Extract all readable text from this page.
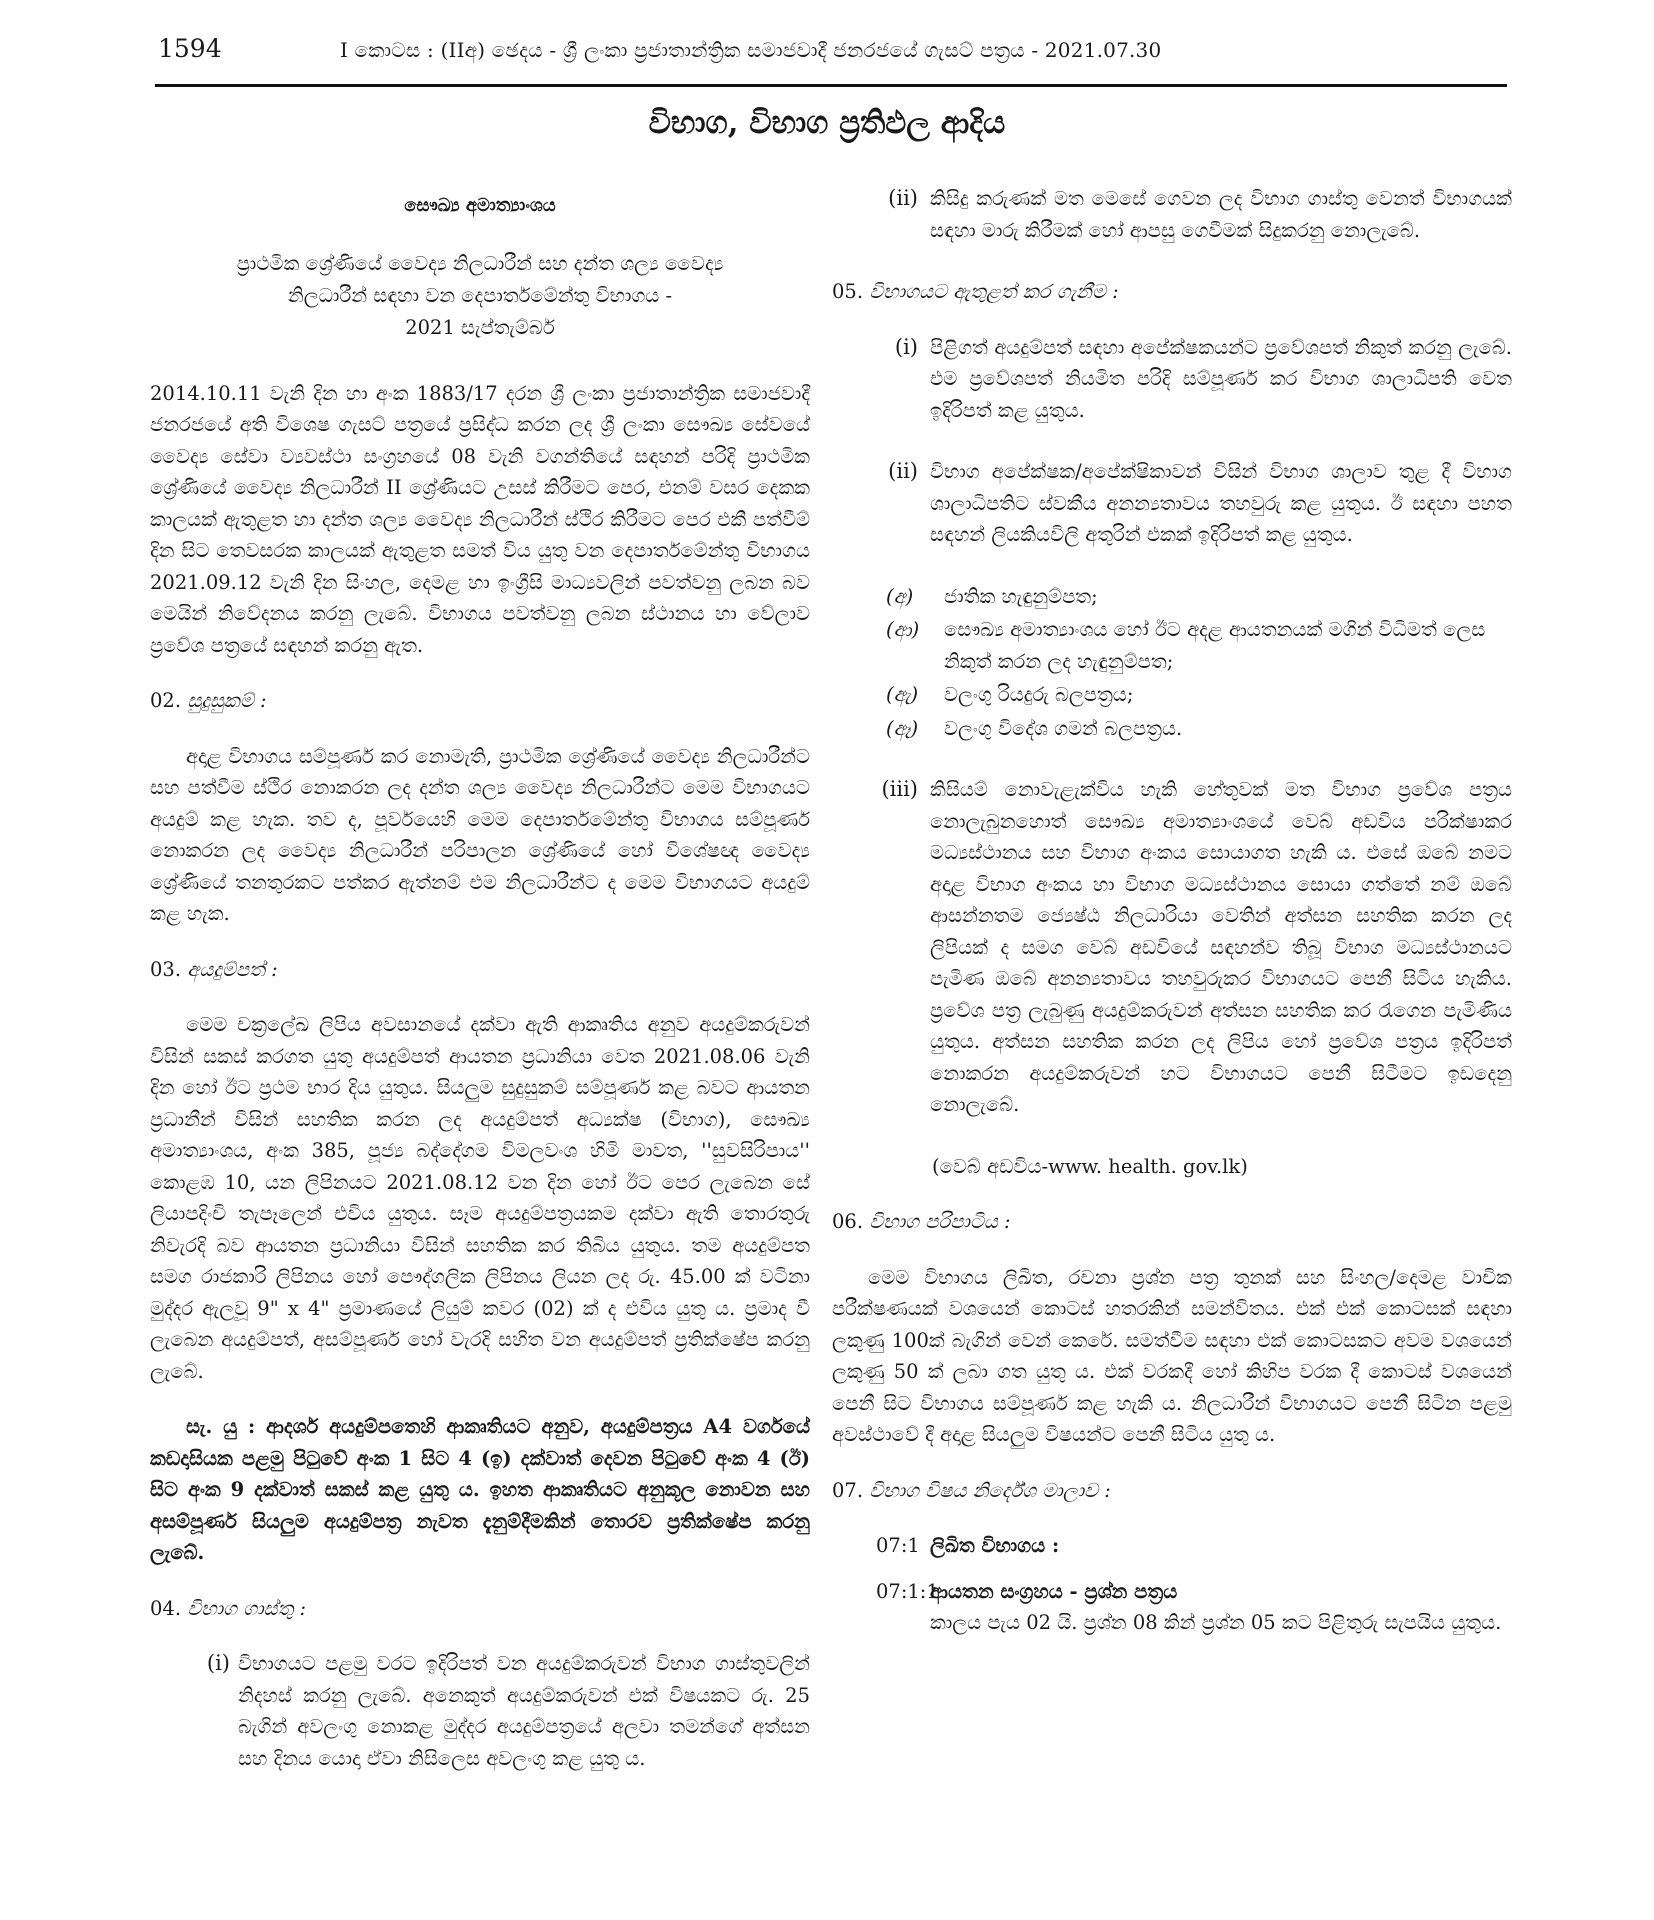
1594	I කොටස : (IIඅ) ඡෙදය - ශ්‍රී ලංකා ප්‍රජාතාන්ත්‍රික සමාජවාදී ජනරජයේ ගැසට් පත්‍රය - 2021.07.30
විභාග, විභාග ප්‍රතිඵල ආදිය

සෞඛ්‍ය අමාත්‍යාංශය

ප්‍රාථමික ශ්‍රේණියේ වෛද්‍ය නිලධාරීන් සහ දන්ත ශල්‍ය වෛද්‍ය
නිලධාරීන් සඳහා වන දෙපාර්තමේන්තු විභාගය -
2021 සැප්තැම්බර්

2014.10.11 වැනි දින හා අංක 1883/17 දරන ශ්‍රී ලංකා ප්‍රජාතාන්ත්‍රික සමාජවාදී ජනරජයේ අති විශෙෂ ගැසට් පත්‍රයේ ප්‍රසිද්ධ කරන ලද ශ්‍රී ලංකා සෞඛ්‍ය සේවයේ වෛද්‍ය සේවා ව්‍යවස්ථා සංග්‍රහයේ 08 වැනි වගන්තියේ සඳහන් පරිදි ප්‍රාථමික ශ්‍රේණියේ වෛද්‍ය නිලධාරීන් II ශ්‍රේණියට උසස් කිරීමට පෙර, එනම් වසර දෙකක කාලයක් ඇතුළත හා දන්ත ශල්‍ය වෛද්‍ය නිලධාරීන් ස්ථිර කිරීමට පෙර එකී පත්වීම් දින සිට තෙවසරක කාලයක් ඇතුළත සමත් විය යුතු වන දෙපාර්තමේන්තු විභාගය 2021.09.12 වැනි දින සිංහල, දෙමළ හා ඉංග්‍රීසි මාධ්‍යවලින් පවත්වනු ලබන බව මෙයින් නිවේදනය කරනු ලැබේ. විභාගය පවත්වනු ලබන ස්ථානය හා වේලාව ප්‍රවේශ පත්‍රයේ සඳහන් කරනු ඇත.

02. සුදුසුකම් :

අදාළ විභාගය සම්පූර්ණ කර නොමැති, ප්‍රාථමික ශ්‍රේණියේ වෛද්‍ය නිලධාරීන්ට සහ පත්වීම ස්ථිර නොකරන ලද දන්ත ශල්‍ය වෛද්‍ය නිලධාරීන්ට මෙම විභාගයට අයදුම් කළ හැක. තව ද, පූර්වයෙහි මෙම දෙපාර්තමේන්තු විභාගය සම්පූර්ණ නොකරන ලද වෛද්‍ය නිලධාරීන් පරිපාලන ශ්‍රේණියේ හෝ විශේෂඥ වෛද්‍ය ශ්‍රේණියේ තනතුරකට පත්කර ඇත්නම් එම නිලධාරීන්ට ද මෙම විභාගයට අයදුම් කළ හැක.

03. අයදුම්පත් :

මෙම චක්‍රලේඛ ලිපිය අවසානයේ දක්වා ඇති ආකෘතිය අනුව අයදුම්කරුවන් විසින් සකස් කරගත යුතු අයදුම්පත් ආයතන ප්‍රධානියා වෙත 2021.08.06 වැනි දින හෝ ඊට ප්‍රථම භාර දිය යුතුය. සියලුම සුදුසුකම් සම්පූර්ණ කළ බවට ආයතන ප්‍රධානීන් විසින් සහතික කරන ලද අයදුම්පත් අධ්‍යක්ෂ (විභාග), සෞඛ්‍ය අමාත්‍යාංශය, අංක 385, පූජ්‍ය බද්දේගම විමලවංශ හිමි මාවත, ''සුවසිරිපාය'' කොළඹ 10, යන ලිපිනයට 2021.08.12 වන දින හෝ ඊට පෙර ලැබෙන සේ ලියාපදිංචි තැපෑලෙන් එවිය යුතුය. සෑම අයදුම්පත්‍රයකම දක්වා ඇති තොරතුරු නිවැරදි බව ආයතන ප්‍රධානියා විසින් සහතික කර තිබිය යුතුය. තම අයදුම්පත සමග රාජකාරි ලිපිනය හෝ පෞද්ගලික ලිපිනය ලියන ලද රු. 45.00 ක් වටිනා මුද්දර ඇලවූ 9" x 4" ප්‍රමාණයේ ලියුම් කවර (02) ක් ද එවිය යුතු ය. ප්‍රමාද වී ලැබෙන අයදුම්පත්, අසම්පූර්ණ හෝ වැරදි සහිත වන අයදුම්පත් ප්‍රතික්ෂේප කරනු ලැබේ.

සැ. යු : ආදර්ශ අයදුම්පතෙහි ආකෘතියට අනුව, අයදුම්පත්‍රය A4 වර්ගයේ කඩදාසියක පළමු පිටුවේ අංක 1 සිට 4 (ඉ) දක්වාත් දෙවන පිටුවේ අංක 4 (ඊ) සිට අංක 9 දක්වාත් සකස් කළ යුතු ය. ඉහත ආකෘතියට අනුකූල නොවන සහ අසම්පූර්ණ සියලුම අයදුම්පත්‍ර නැවත දැනුම්දීමකින් තොරව ප්‍රතික්ෂේප කරනු ලැබේ.

04. විභාග ගාස්තු :

(i) විභාගයට පළමු වරට ඉදිරිපත් වන අයදුම්කරුවන් විභාග ගාස්තුවලින් නිදහස් කරනු ලැබේ. අනෙකුත් අයදුම්කරුවන් එක් විෂයකට රු. 25 බැගින් අවලංගු නොකළ මුද්දර අයදුම්පත්‍රයේ අලවා තමන්ගේ අත්සන සහ දිනය යොදා ඒවා නිසිලෙස අවලංගු කළ යුතු ය.

(ii) කිසිදු කරුණක් මත මෙසේ ගෙවන ලද විභාග ගාස්තු වෙනත් විභාගයක් සඳහා මාරු කිරීමක් හෝ ආපසු ගෙවීමක් සිදුකරනු නොලැබේ.

05. විභාගයට ඇතුළත් කර ගැනීම :

(i) පිළිගත් අයදුම්පත් සඳහා අපේක්ෂකයන්ට ප්‍රවේශපත් නිකුත් කරනු ලැබේ. එම ප්‍රවේශපත් නියමිත පරිදි සම්පූර්ණ කර විභාග ශාලාධිපති වෙත ඉදිරිපත් කළ යුතුය.

(ii) විභාග අපේක්ෂක/අපේක්ෂිකාවන් විසින් විභාග ශාලාව තුළ දී විභාග ශාලාධිපතිට ස්වකීය අනන්‍යතාවය තහවුරු කළ යුතුය. ඊ සඳහා පහත සඳහන් ලියකියවිලි අතුරින් එකක් ඉදිරිපත් කළ යුතුය.

(අ) ජාතික හැඳුනුම්පත;

(ආ) සෞඛ්‍ය අමාත්‍යාංශය හෝ ඊට අදළ ආයතනයක් මගින් විධිමත් ලෙස නිකුත් කරන ලද හැඳුනුම්පත;

(ඇ) වලංගු රියදුරු බලපත්‍රය;

(ඈ) වලංගු විදේශ ගමන් බලපත්‍රය.

(iii) කිසියම් නොවැළැක්විය හැකි හේතුවක් මත විභාග ප්‍රවේශ පත්‍රය නොලැබුනහොත් සෞඛ්‍ය අමාත්‍යාංශයේ වෙබ් අඩවිය පරික්ෂාකර මධ්‍යස්ථානය සහ විභාග අංකය සොයාගත හැකි ය. එසේ ඔබේ නමට අදාළ විභාග අංකය හා විභාග මධ්‍යස්ථානය සොයා ගත්තේ නම් ඔබේ ආසන්නතම ජ්‍යෙෂ්ඨ නිලධාරියා වෙතින් අත්සන සහතික කරන ලද ලිපියක් ද සමග වෙබ් අඩවියේ සඳහන්ව තිබූ විභාග මධ්‍යස්ථානයට පැමිණ ඔබේ අනන්‍යතාවය තහවුරුකර විභාගයට පෙනී සිටිය හැකිය. ප්‍රවේශ පත්‍ර ලැබුණු අයදුම්කරුවන් අත්සන සහතික කර රැගෙන පැමිණිය යුතුය. අත්සන සහතික කරන ලද ලිපිය හෝ ප්‍රවේශ පත්‍රය ඉදිරිපත් නොකරන අයදුම්කරුවන් හට විභාගයට පෙනී සිටීමට ඉඩදෙනු නොලැබේ.

(වෙබ් අඩවිය-www. health. gov.lk)

06. විභාග පරිපාටිය :

මෙම විභාගය ලිඛිත, රචනා ප්‍රශ්න පත්‍ර තුනක් සහ සිංහල/දෙමළ වාචික පරීක්ෂණයක් වශයෙන් කොටස් හතරකින් සමන්විතය. එක් එක් කොටසක් සඳහා ලකුණු 100ක් බැගින් වෙන් කෙරේ. සමත්වීම සඳහා එක් කොටසකට අවම වශයෙන් ලකුණු 50 ක් ලබා ගත යුතු ය. එක් වරකදී හෝ කිහිප වරක දී කොටස් වශයෙන් පෙනී සිට විභාගය සම්පූර්ණ කළ හැකි ය. නිලධාරීන් විභාගයට පෙනී සිටින පළමු අවස්ථාවේ දී අදාළ සියලුම විෂයන්ට පෙනී සිටිය යුතු ය.

07. විභාග විෂය නිර්දේශ මාලාව :

07:1 ලිඛිත විභාගය :

07:1:1
ආයතන සංග්‍රහය - ප්‍රශ්න පත්‍රය
කාලය පැය 02 යි. ප්‍රශ්න 08 කින් ප්‍රශ්න 05 කට පිළිතුරු සැපයිය යුතුය.
